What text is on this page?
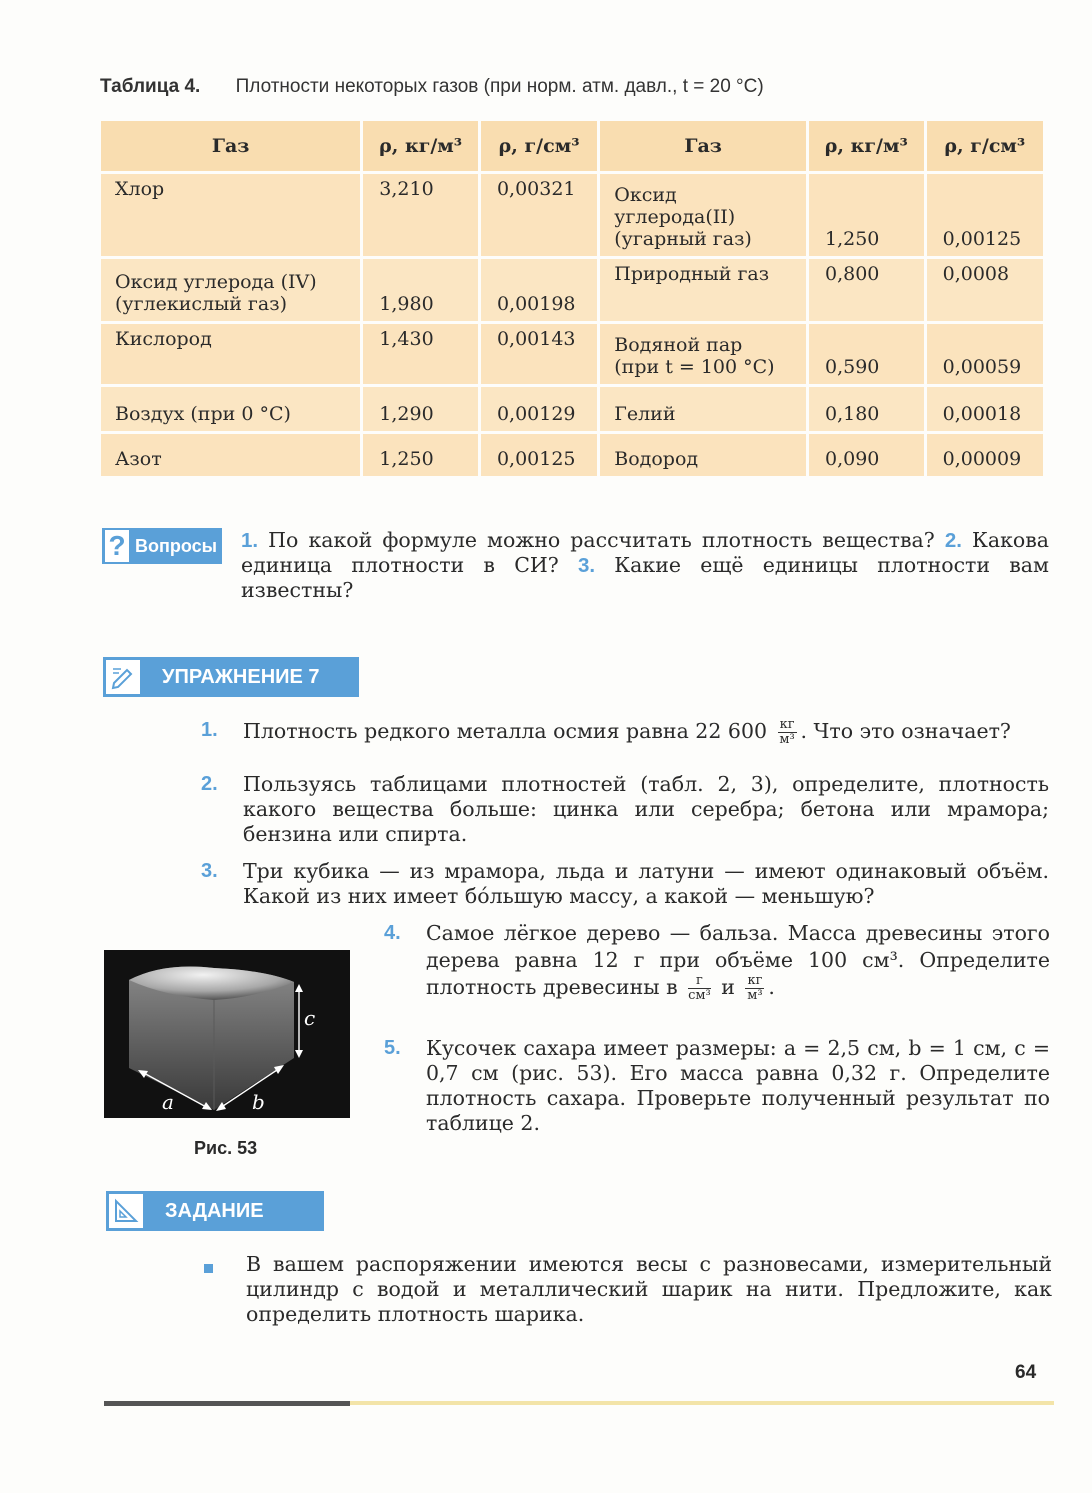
Таблица 4. Плотности некоторых газов (при норм. атм. давл., t = 20 °C)
Газ	ρ, кг/м³	ρ, г/см³	Газ	ρ, кг/м³	ρ, г/см³
Хлор	3,210	0,00321	Оксид углерода(II) (угарный газ)	1,250	0,00125
Оксид углерода (IV) (углекислый газ)	1,980	0,00198	Природный газ	0,800	0,0008
Кислород	1,430	0,00143	Водяной пар (при t = 100 °C)	0,590	0,00059
Воздух (при 0 °C)	1,290	0,00129	Гелий	0,180	0,00018
Азот	1,250	0,00125	Водород	0,090	0,00009
? Вопросы 1. По какой формуле можно рассчитать плотность вещества? 2. Какова единица плотности в СИ? 3. Какие ещё единицы плотности вам известны?
УПРАЖНЕНИЕ 7
1. Плотность редкого металла осмия равна 22 $600 \frac{кг}{\text{м³}}$ . Что это означает?
2. Пользуясь таблицами плотностей (табл. 2, 3), определите, плотность какого вещества больше: цинка или серебра; бетона или мрамора; бензина или спирта.
3. Три кубика — из мрамора, льда и латуни — имеют одинаковый объём. Какой из них имеет бóльшую массу, а какой — меньшую?
4. Самое лёгкое дерево — бальза. Масса древесины этого дерева равна 12 г при объёме 100 см³. Определите плотность древесины в $\frac{г}{\text{см³}}$ и $\frac{кг}{\text{м³}}$ .
5. Кусочек сахара имеет размеры: a = 2,5 см, b = 1 см, c = 0,7 см (рис. 53). Его масса равна 0,32 г. Определите плотность сахара. Проверьте полученный результат по таблице 2.
a	b
c
Рис. 53
ЗАДАНИЕ
В вашем распоряжении имеются весы с разновесами, измерительный цилиндр с водой и металлический шарик на нити. Предложите, как определить плотность шарика.
64
